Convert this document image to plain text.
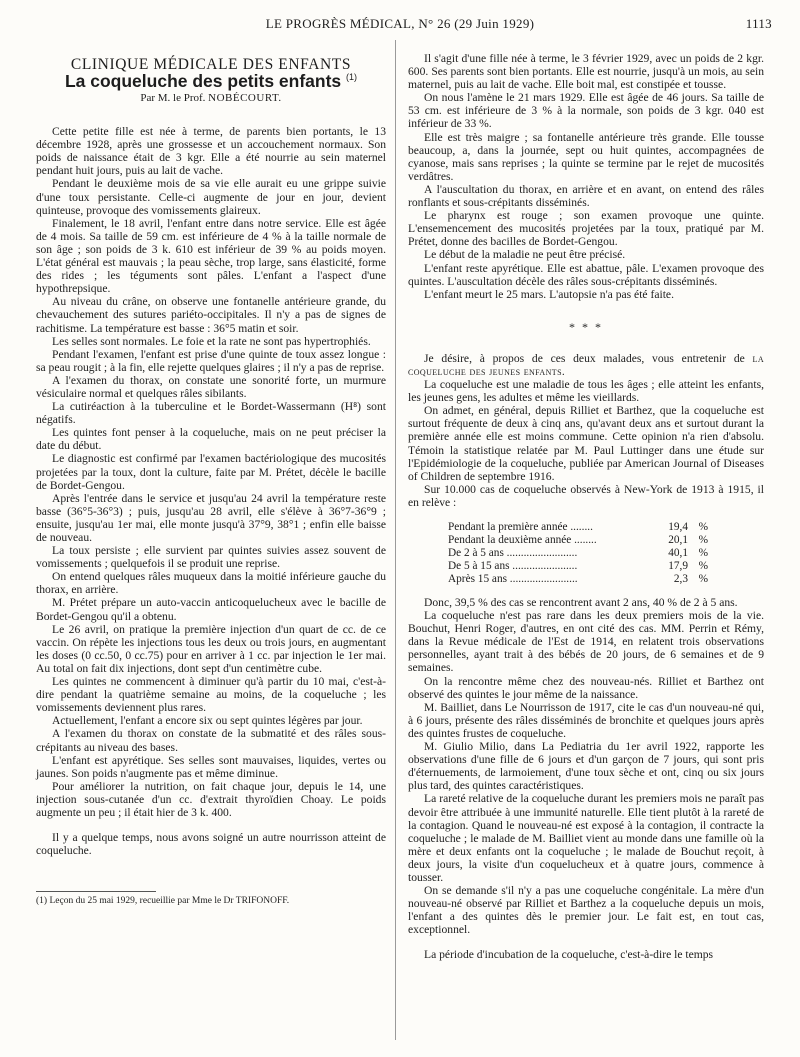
LE PROGRÈS MÉDICAL, N° 26 (29 Juin 1929)	1113

CLINIQUE MÉDICALE DES ENFANTS

La coqueluche des petits enfants $^{(1)}$
Par M. le Prof. NOBÉCOURT.

Cette petite fille est née à terme, de parents bien portants, le 13 décembre 1928, après une grossesse et un accouchement normaux. Son poids de naissance était de 3 kgr. Elle a été nourrie au sein maternel pendant huit jours, puis au lait de vache.

Pendant le deuxième mois de sa vie elle aurait eu une grippe suivie d'une toux persistante. Celle-ci augmente de jour en jour, devient quinteuse, provoque des vomissements glaireux.

Finalement, le 18 avril, l'enfant entre dans notre service. Elle est âgée de 4 mois. Sa taille de 59 cm. est inférieure de 4 % à la taille normale de son âge ; son poids de 3 k. 610 est inférieur de 39 % au poids moyen. L'état général est mauvais ; la peau sèche, trop large, sans élasticité, forme des rides ; les téguments sont pâles. L'enfant a l'aspect d'une hypothrepsique.

Au niveau du crâne, on observe une fontanelle antérieure grande, du chevauchement des sutures pariéto-occipitales. Il n'y a pas de signes de rachitisme. La température est basse : 36°5 matin et soir.

Les selles sont normales. Le foie et la rate ne sont pas hypertrophiés.

Pendant l'examen, l'enfant est prise d'une quinte de toux assez longue : sa peau rougit ; à la fin, elle rejette quelques glaires ; il n'y a pas de reprise.

A l'examen du thorax, on constate une sonorité forte, un murmure vésiculaire normal et quelques râles sibilants.

La cutiréaction à la tuberculine et le Bordet-Wassermann (H⁸) sont négatifs.

Les quintes font penser à la coqueluche, mais on ne peut préciser la date du début.

Le diagnostic est confirmé par l'examen bactériologique des mucosités projetées par la toux, dont la culture, faite par M. Prétet, décèle le bacille de Bordet-Gengou.

Après l'entrée dans le service et jusqu'au 24 avril la température reste basse (36°5-36°3) ; puis, jusqu'au 28 avril, elle s'élève à 36°7-36°9 ; ensuite, jusqu'au 1er mai, elle monte jusqu'à 37°9, 38°1 ; enfin elle baisse de nouveau.

La toux persiste ; elle survient par quintes suivies assez souvent de vomissements ; quelquefois il se produit une reprise.

On entend quelques râles muqueux dans la moitié inférieure gauche du thorax, en arrière.

M. Prétet prépare un auto-vaccin anticoquelucheux avec le bacille de Bordet-Gengou qu'il a obtenu.

Le 26 avril, on pratique la première injection d'un quart de cc. de ce vaccin. On répète les injections tous les deux ou trois jours, en augmentant les doses (0 cc.50, 0 cc.75) pour en arriver à 1 cc. par injection le 1er mai. Au total on fait dix injections, dont sept d'un centimètre cube.

Les quintes ne commencent à diminuer qu'à partir du 10 mai, c'est-à-dire pendant la quatrième semaine au moins, de la coqueluche ; les vomissements deviennent plus rares.

Actuellement, l'enfant a encore six ou sept quintes légères par jour.

A l'examen du thorax on constate de la submatité et des râles sous-crépitants au niveau des bases.

L'enfant est apyrétique. Ses selles sont mauvaises, liquides, vertes ou jaunes. Son poids n'augmente pas et même diminue.

Pour améliorer la nutrition, on fait chaque jour, depuis le 14, une injection sous-cutanée d'un cc. d'extrait thyroïdien Choay. Le poids augmente un peu ; il était hier de 3 k. 400.

Il y a quelque temps, nous avons soigné un autre nourrisson atteint de coqueluche.

(1) Leçon du 25 mai 1929, recueillie par Mme le Dr TRIFONOFF.

Il s'agit d'une fille née à terme, le 3 février 1929, avec un poids de 2 kgr. 600. Ses parents sont bien portants. Elle est nourrie, jusqu'à un mois, au sein maternel, puis au lait de vache. Elle boit mal, est constipée et tousse.

On nous l'amène le 21 mars 1929. Elle est âgée de 46 jours. Sa taille de 53 cm. est inférieure de 3 % à la normale, son poids de 3 kgr. 040 est inférieur de 33 %.

Elle est très maigre ; sa fontanelle antérieure très grande. Elle tousse beaucoup, a, dans la journée, sept ou huit quintes, accompagnées de cyanose, mais sans reprises ; la quinte se termine par le rejet de mucosités verdâtres.

A l'auscultation du thorax, en arrière et en avant, on entend des râles ronflants et sous-crépitants disséminés.

Le pharynx est rouge ; son examen provoque une quinte. L'ensemencement des mucosités projetées par la toux, pratiqué par M. Prétet, donne des bacilles de Bordet-Gengou.

Le début de la maladie ne peut être précisé.

L'enfant reste apyrétique. Elle est abattue, pâle. L'examen provoque des quintes. L'auscultation décèle des râles sous-crépitants disséminés.

L'enfant meurt le 25 mars. L'autopsie n'a pas été faite.

* * *

Je désire, à propos de ces deux malades, vous entretenir de la coqueluche des jeunes enfants.

La coqueluche est une maladie de tous les âges ; elle atteint les enfants, les jeunes gens, les adultes et même les vieillards.

On admet, en général, depuis Rilliet et Barthez, que la coqueluche est surtout fréquente de deux à cinq ans, qu'avant deux ans et surtout durant la première année elle est moins commune. Cette opinion n'a rien d'absolu. Témoin la statistique relatée par M. Paul Luttinger dans une étude sur l'Epidémiologie de la coqueluche, publiée par American Journal of Diseases of Children de septembre 1916.

Sur 10.000 cas de coqueluche observés à New-York de 1913 à 1915, il en relève :

Pendant la première année ........	19,4	%
Pendant la deuxième année ........	20,1	%
De 2 à 5 ans .........................	40,1	%
De 5 à 15 ans .......................	17,9	%
Après 15 ans ........................	2,3	%

Donc, 39,5 % des cas se rencontrent avant 2 ans, 40 % de 2 à 5 ans.

La coqueluche n'est pas rare dans les deux premiers mois de la vie. Bouchut, Henri Roger, d'autres, en ont cité des cas. MM. Perrin et Rémy, dans la Revue médicale de l'Est de 1914, en relatent trois observations personnelles, ayant trait à des bébés de 20 jours, de 6 semaines et de 9 semaines.

On la rencontre même chez des nouveau-nés. Rilliet et Barthez ont observé des quintes le jour même de la naissance.

M. Bailliet, dans Le Nourrisson de 1917, cite le cas d'un nouveau-né qui, à 6 jours, présente des râles disséminés de bronchite et quelques jours après des quintes frustes de coqueluche.

M. Giulio Milio, dans La Pediatria du 1er avril 1922, rapporte les observations d'une fille de 6 jours et d'un garçon de 7 jours, qui sont pris d'éternuements, de larmoiement, d'une toux sèche et ont, cinq ou six jours plus tard, des quintes caractéristiques.

La rareté relative de la coqueluche durant les premiers mois ne paraît pas devoir être attribuée à une immunité naturelle. Elle tient plutôt à la rareté de la contagion. Quand le nouveau-né est exposé à la contagion, il contracte la coqueluche ; le malade de M. Bailliet vient au monde dans une famille où la mère et deux enfants ont la coqueluche ; le malade de Bouchut reçoit, à deux jours, la visite d'un coquelucheux et à quatre jours, commence à tousser.

On se demande s'il n'y a pas une coqueluche congénitale. La mère d'un nouveau-né observé par Rilliet et Barthez a la coqueluche depuis un mois, l'enfant a des quintes dès le premier jour. Le fait est, en tout cas, exceptionnel.

La période d'incubation de la coqueluche, c'est-à-dire le temps
